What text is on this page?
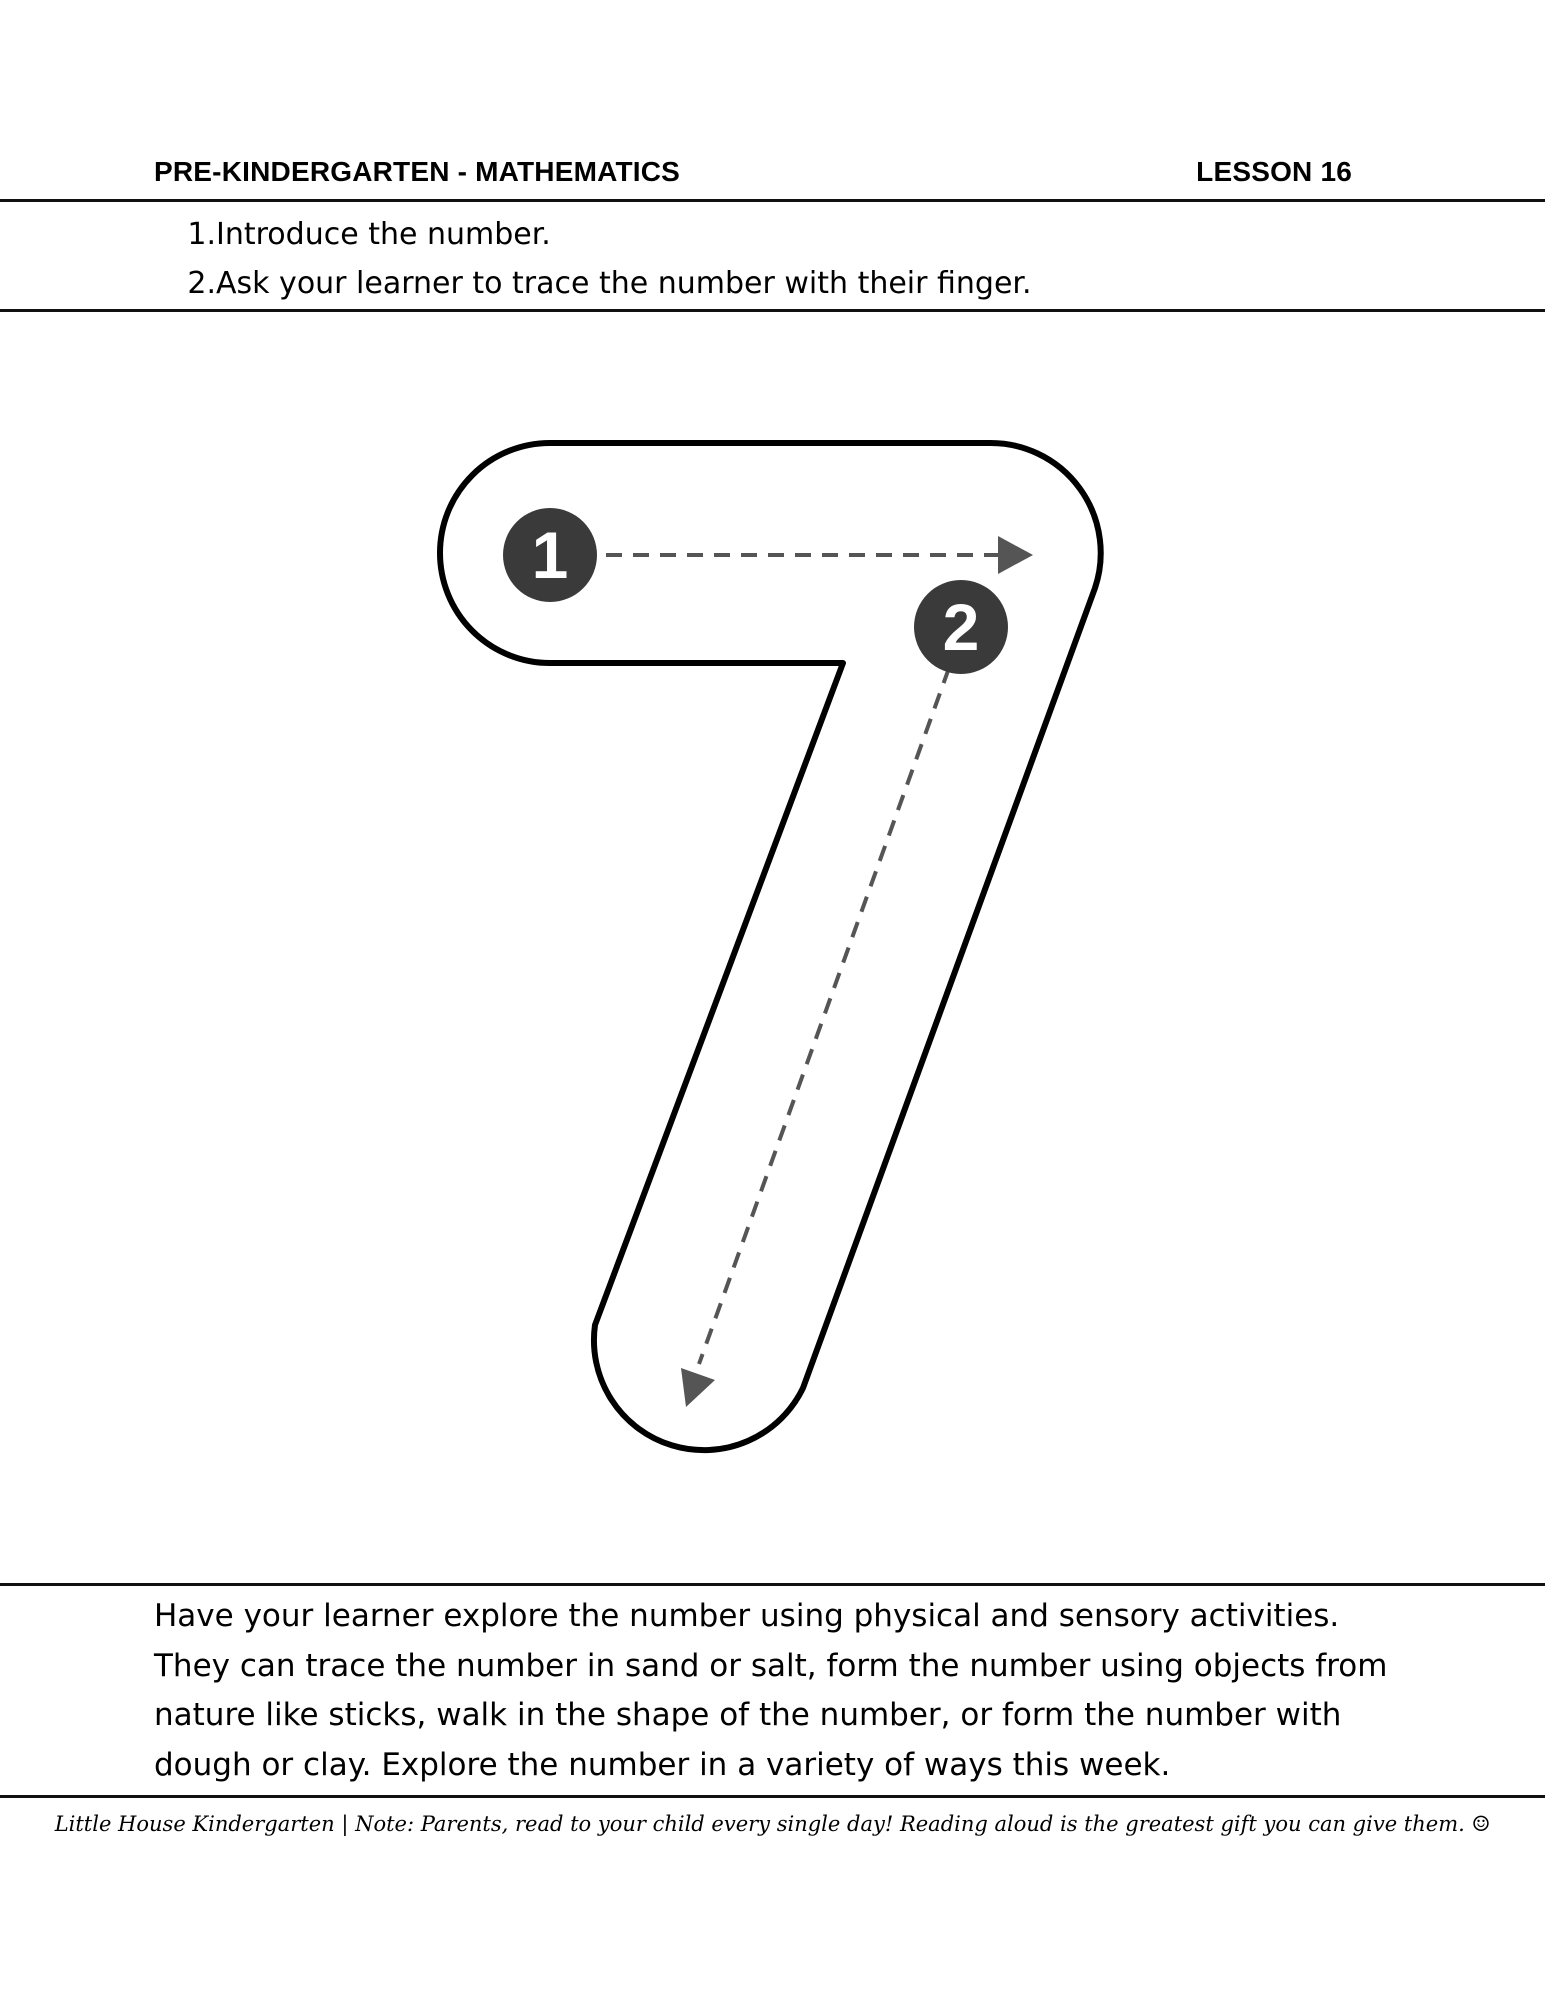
PRE-KINDERGARTEN - MATHEMATICS	LESSON 16
1. Introduce the number.
2. Ask your learner to trace the number with their finger.
1
2

Have your learner explore the number using physical and sensory activities. They can trace the number in sand or salt, form the number using objects from nature like sticks, walk in the shape of the number, or form the number with dough or clay. Explore the number in a variety of ways this week.

Little House Kindergarten | Note: Parents, read to your child every single day! Reading aloud is the greatest gift you can give them. ☺
